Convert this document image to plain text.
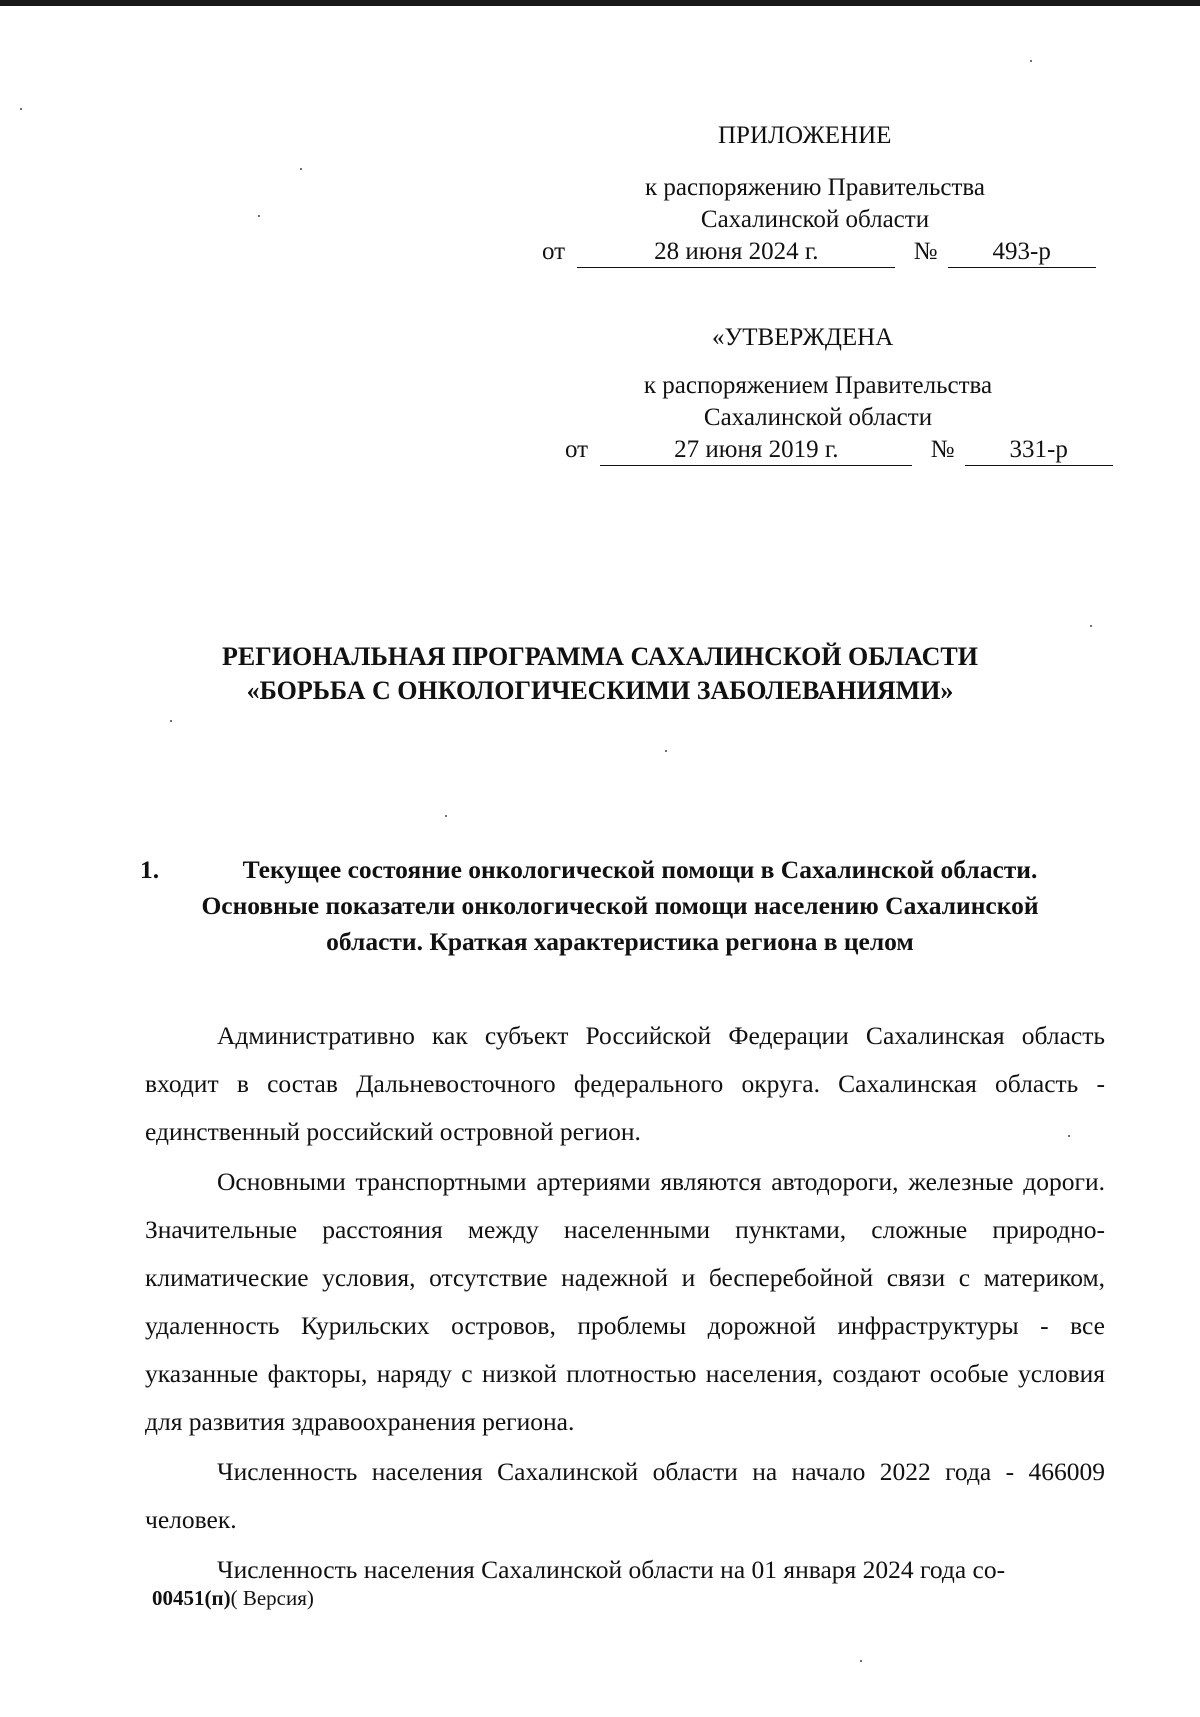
ПРИЛОЖЕНИЕ
к распоряжению Правительства
Сахалинской области
от	28 июня 2024 г.	№ 493-р
«УТВЕРЖДЕНА
к распоряжением Правительства
Сахалинской области
от	27 июня 2019 г.	№ 331-р
РЕГИОНАЛЬНАЯ ПРОГРАММА САХАЛИНСКОЙ ОБЛАСТИ
«БОРЬБА С ОНКОЛОГИЧЕСКИМИ ЗАБОЛЕВАНИЯМИ»
1.	Текущее состояние онкологической помощи в Сахалинской области.
Основные показатели онкологической помощи населению Сахалинской
области. Краткая характеристика региона в целом

Административно как субъект Российской Федерации Сахалинская область входит в состав Дальневосточного федерального округа. Сахалинская область - единственный российский островной регион.

Основными транспортными артериями являются автодороги, железные дороги. Значительные расстояния между населенными пунктами, сложные природно-климатические условия, отсутствие надежной и бесперебойной связи с материком, удаленность Курильских островов, проблемы дорожной инфраструктуры - все указанные факторы, наряду с низкой плотностью населения, создают особые условия для развития здравоохранения региона.

Численность населения Сахалинской области на начало 2022 года - 466009 человек.

Численность населения Сахалинской области на 01 января 2024 года со-

00451(п)( Версия)
